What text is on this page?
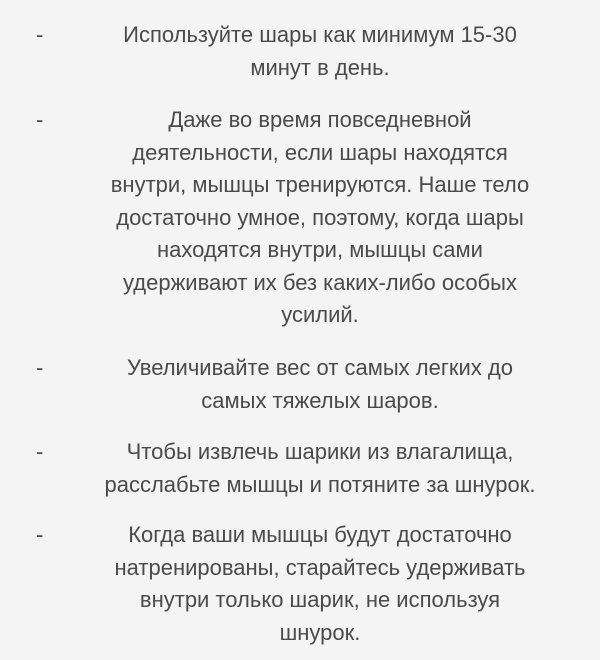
-	Используйте шары как минимум 15-30
минут в день.
-	Даже во время повседневной
деятельности, если шары находятся
внутри, мышцы тренируются. Наше тело
достаточно умное, поэтому, когда шары
находятся внутри, мышцы сами
удерживают их без каких-либо особых
усилий.
-	Увеличивайте вес от самых легких до
самых тяжелых шаров.
-	Чтобы извлечь шарики из влагалища,
расслабьте мышцы и потяните за шнурок.
-	Когда ваши мышцы будут достаточно
натренированы, старайтесь удерживать
внутри только шарик, не используя
шнурок.
